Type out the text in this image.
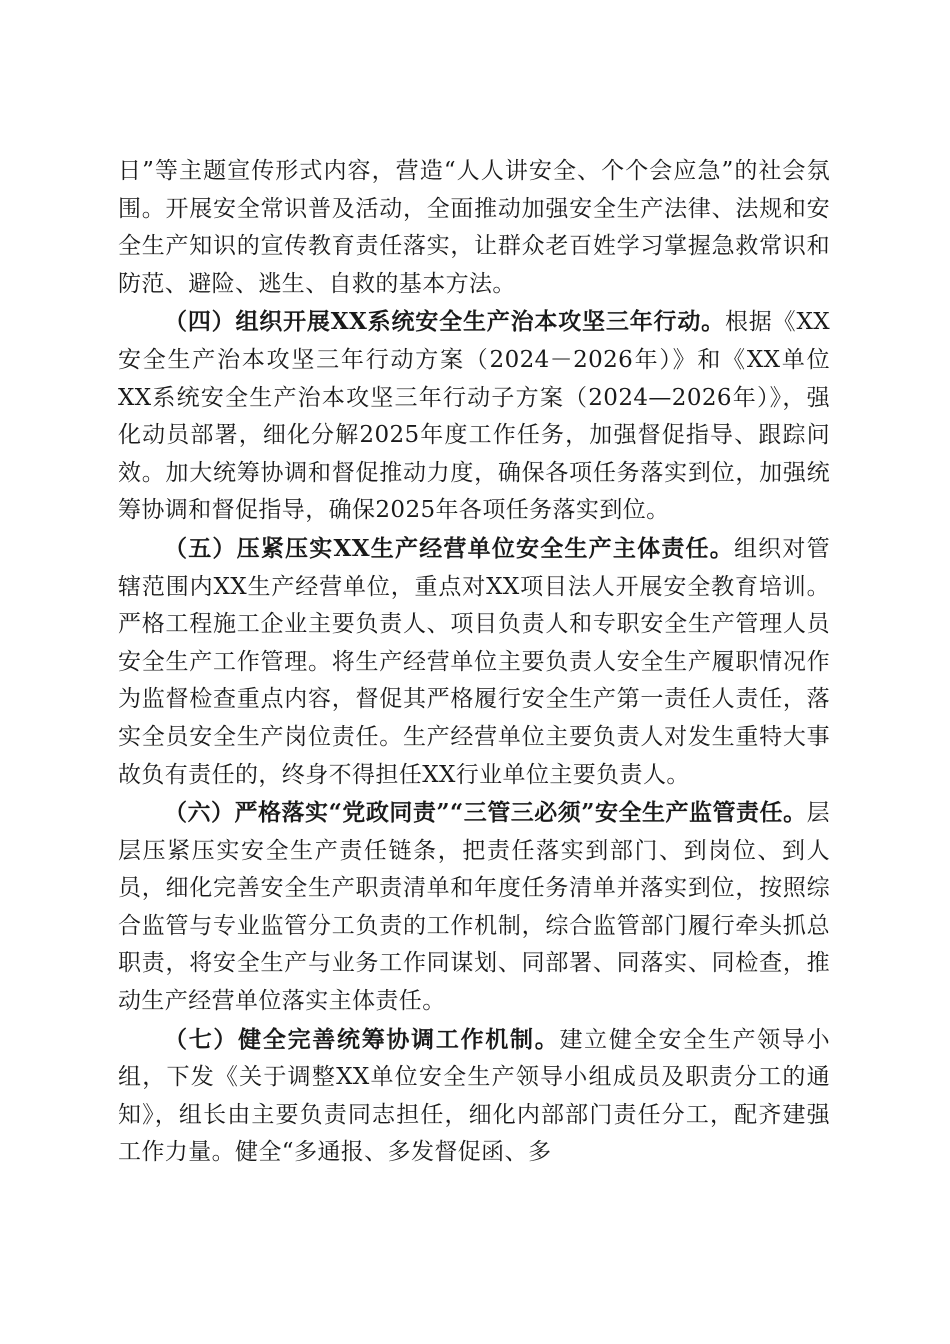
日”等主题宣传形式内容，营造“人人讲安全、个个会应急”的社会氛围。开展安全常识普及活动，全面推动加强安全生产法律、法规和安全生产知识的宣传教育责任落实，让群众老百姓学习掌握急救常识和防范、避险、逃生、自救的基本方法。

（四）组织开展XX系统安全生产治本攻坚三年行动。根据《XX安全生产治本攻坚三年行动方案（2024－2026年）》和《XX单位XX系统安全生产治本攻坚三年行动子方案（2024—2026年）》，强化动员部署，细化分解2025年度工作任务，加强督促指导、跟踪问效。加大统筹协调和督促推动力度，确保各项任务落实到位，加强统筹协调和督促指导，确保2025年各项任务落实到位。

（五）压紧压实XX生产经营单位安全生产主体责任。组织对管辖范围内XX生产经营单位，重点对XX项目法人开展安全教育培训。严格工程施工企业主要负责人、项目负责人和专职安全生产管理人员安全生产工作管理。将生产经营单位主要负责人安全生产履职情况作为监督检查重点内容，督促其严格履行安全生产第一责任人责任，落实全员安全生产岗位责任。生产经营单位主要负责人对发生重特大事故负有责任的，终身不得担任XX行业单位主要负责人。

（六）严格落实“党政同责”“三管三必须”安全生产监管责任。层层压紧压实安全生产责任链条，把责任落实到部门、到岗位、到人员，细化完善安全生产职责清单和年度任务清单并落实到位，按照综合监管与专业监管分工负责的工作机制，综合监管部门履行牵头抓总职责，将安全生产与业务工作同谋划、同部署、同落实、同检查，推动生产经营单位落实主体责任。

（七）健全完善统筹协调工作机制。建立健全安全生产领导小组，下发《关于调整XX单位安全生产领导小组成员及职责分工的通知》，组长由主要负责同志担任，细化内部部门责任分工，配齐建强工作力量。健全“多通报、多发督促函、多
